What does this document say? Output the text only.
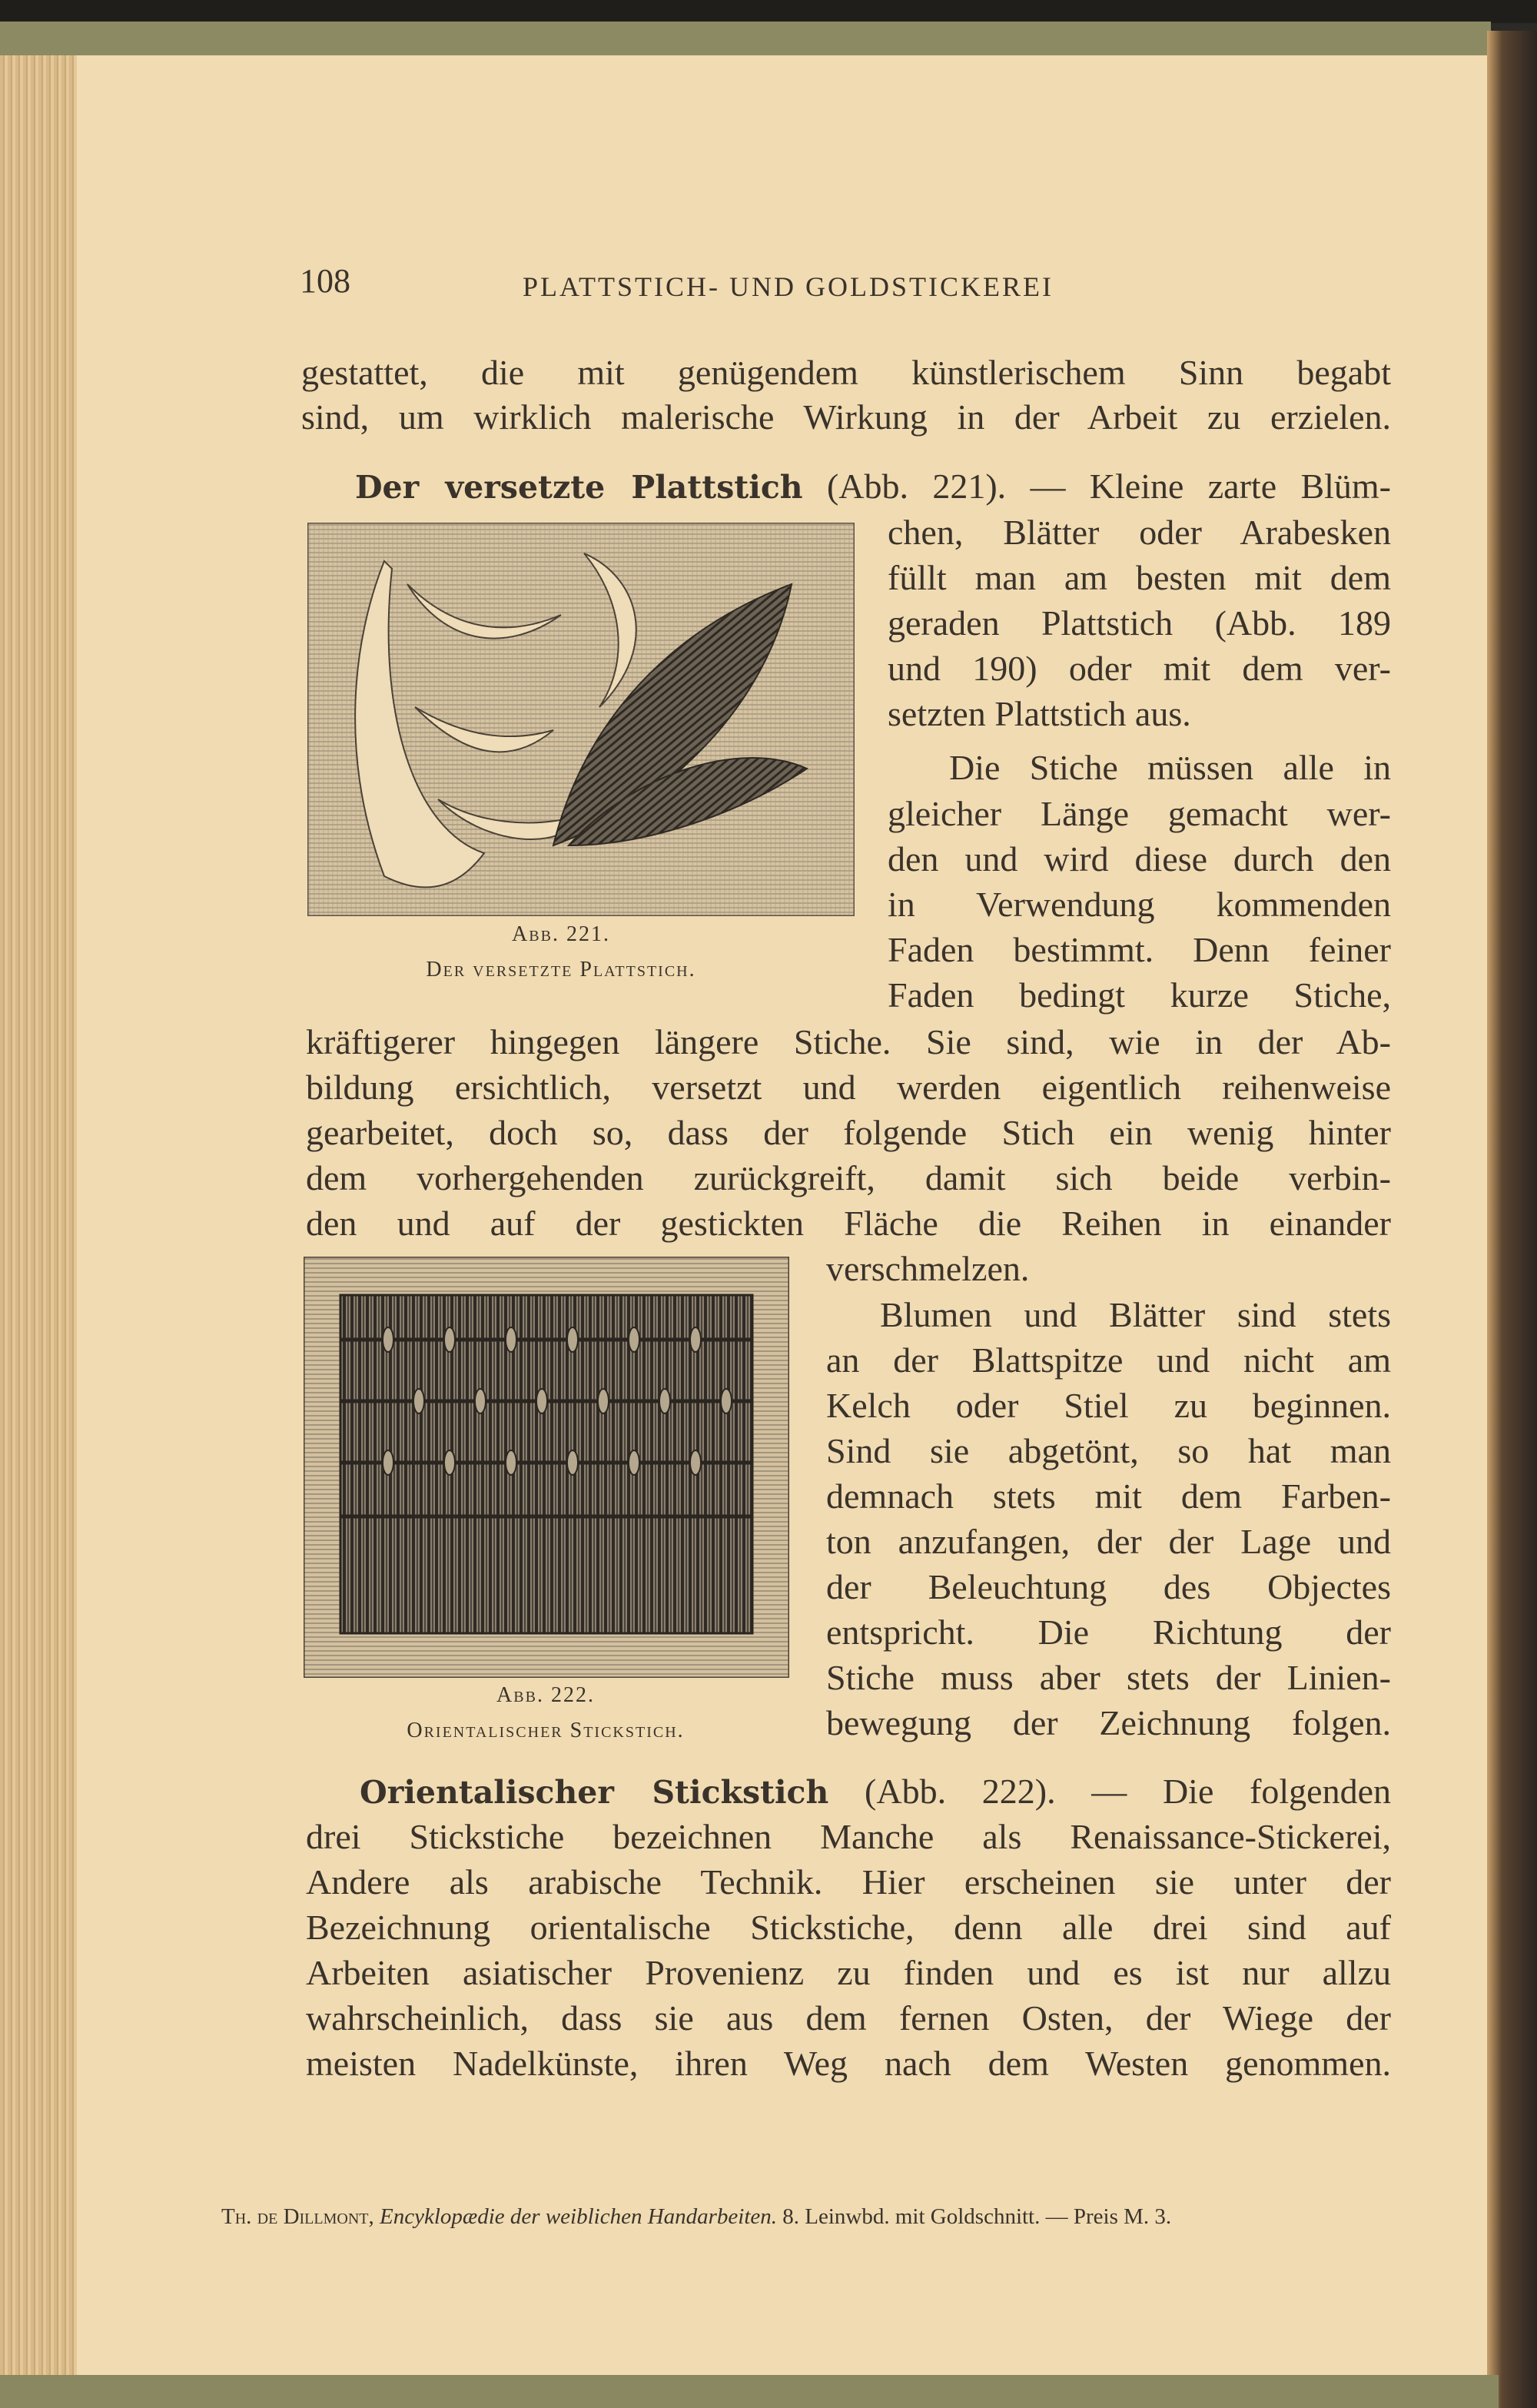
108	PLATTSTICH- UND GOLDSTICKEREI
gestattet, die mit genügendem künstlerischem Sinn begabt
sind, um wirklich malerische Wirkung in der Arbeit zu erzielen.
Der versetzte Plattstich (Abb. 221). — Kleine zarte Blüm-
chen, Blätter oder Arabesken
füllt man am besten mit dem
geraden Plattstich (Abb. 189
und 190) oder mit dem ver-
setzten Plattstich aus.
Die Stiche müssen alle in
gleicher Länge gemacht wer-
den und wird diese durch den
in Verwendung kommenden
Faden bestimmt. Denn feiner
Faden bedingt kurze Stiche,
kräftigerer hingegen längere Stiche. Sie sind, wie in der Ab-
bildung ersichtlich, versetzt und werden eigentlich reihenweise
gearbeitet, doch so, dass der folgende Stich ein wenig hinter
dem vorhergehenden zurückgreift, damit sich beide verbin-
den und auf der gestickten Fläche die Reihen in einander
verschmelzen.
Blumen und Blätter sind stets
an der Blattspitze und nicht am
Kelch oder Stiel zu beginnen.
Sind sie abgetönt, so hat man
demnach stets mit dem Farben-
ton anzufangen, der der Lage und
der Beleuchtung des Objectes
entspricht. Die Richtung der
Stiche muss aber stets der Linien-
bewegung der Zeichnung folgen.
Orientalischer Stickstich (Abb. 222). — Die folgenden
drei Stickstiche bezeichnen Manche als Renaissance-Stickerei,
Andere als arabische Technik. Hier erscheinen sie unter der
Bezeichnung orientalische Stickstiche, denn alle drei sind auf
Arbeiten asiatischer Provenienz zu finden und es ist nur allzu
wahrscheinlich, dass sie aus dem fernen Osten, der Wiege der
meisten Nadelkünste, ihren Weg nach dem Westen genommen.
Abb. 221.
Der versetzte Plattstich.
Abb. 222.
Orientalischer Stickstich.
Th. de Dillmont, Encyklopædie der weiblichen Handarbeiten. 8. Leinwbd. mit Goldschnitt. — Preis M. 3.
